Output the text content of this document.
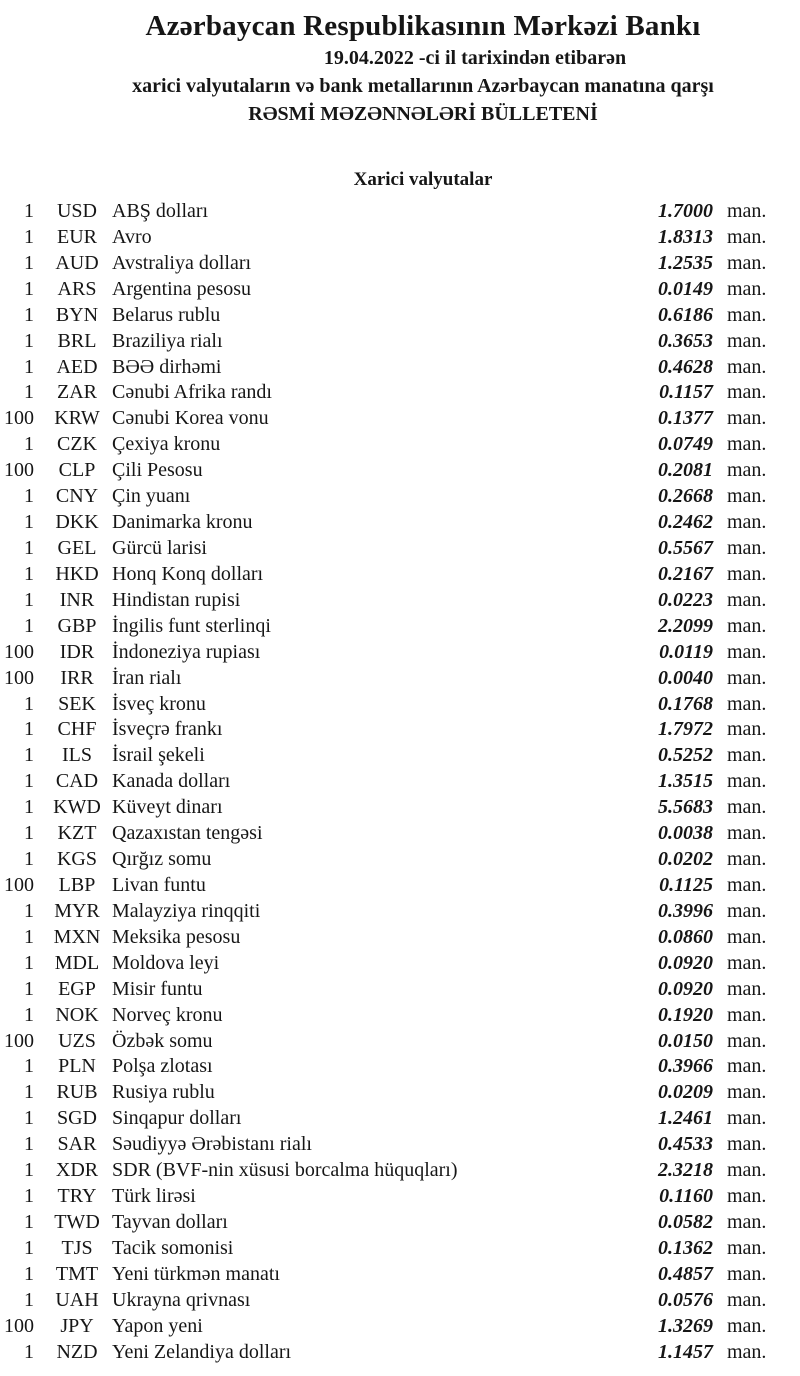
Azərbaycan Respublikasının Mərkəzi Bankı
19.04.2022 -ci il tarixindən etibarən
xarici valyutaların və bank metallarının Azərbaycan manatına qarşı
RƏSMİ MƏZƏNNƏLƏRİ BÜLLETENİ
Xarici valyutalar
1	USD ABŞ dolları	1.7000 man.
1	EUR Avro	1.8313 man.
1	AUD Avstraliya dolları	1.2535 man.
1	ARS Argentina pesosu	0.0149 man.
1	BYN Belarus rublu	0.6186 man.
1	BRL Braziliya rialı	0.3653 man.
1	AED BƏƏ dirhəmi	0.4628 man.
1	ZAR Cənubi Afrika randı	0.1157 man.
100	KRW Cənubi Korea vonu	0.1377 man.
1	CZK Çexiya kronu	0.0749 man.
100	CLP Çili Pesosu	0.2081 man.
1	CNY Çin yuanı	0.2668 man.
1	DKK Danimarka kronu	0.2462 man.
1	GEL Gürcü larisi	0.5567 man.
1	HKD Honq Konq dolları	0.2167 man.
1	INR Hindistan rupisi	0.0223 man.
1	GBP İngilis funt sterlinqi	2.2099 man.
100	IDR İndoneziya rupiası	0.0119 man.
100	IRR İran rialı	0.0040 man.
1	SEK İsveç kronu	0.1768 man.
1	CHF İsveçrə frankı	1.7972 man.
1	ILS	İsrail şekeli	0.5252 man.
1	CAD Kanada dolları	1.3515 man.
1 KWD Küveyt dinarı	5.5683 man.
1	KZT Qazaxıstan tengəsi	0.0038 man.
1	KGS Qırğız somu	0.0202 man.
100	LBP Livan funtu	0.1125 man.
1	MYR Malayziya rinqqiti	0.3996 man.
1 MXN Meksika pesosu	0.0860 man.
1	MDL Moldova leyi	0.0920 man.
1	EGP Misir funtu	0.0920 man.
1	NOK Norveç kronu	0.1920 man.
100	UZS Özbək somu	0.0150 man.
1	PLN Polşa zlotası	0.3966 man.
1	RUB Rusiya rublu	0.0209 man.
1	SGD Sinqapur dolları	1.2461 man.
1	SAR Səudiyyə Ərəbistanı rialı	0.4533 man.
1	XDR SDR (BVF-nin xüsusi borcalma hüquqları)	2.3218 man.
1	TRY Türk lirəsi	0.1160 man.
1	TWD Tayvan dolları	0.0582 man.
1	TJS Tacik somonisi	0.1362 man.
1	TMT Yeni türkmən manatı	0.4857 man.
1	UAH Ukrayna qrivnası	0.0576 man.
100	JPY Yapon yeni	1.3269 man.
1	NZD Yeni Zelandiya dolları	1.1457 man.
